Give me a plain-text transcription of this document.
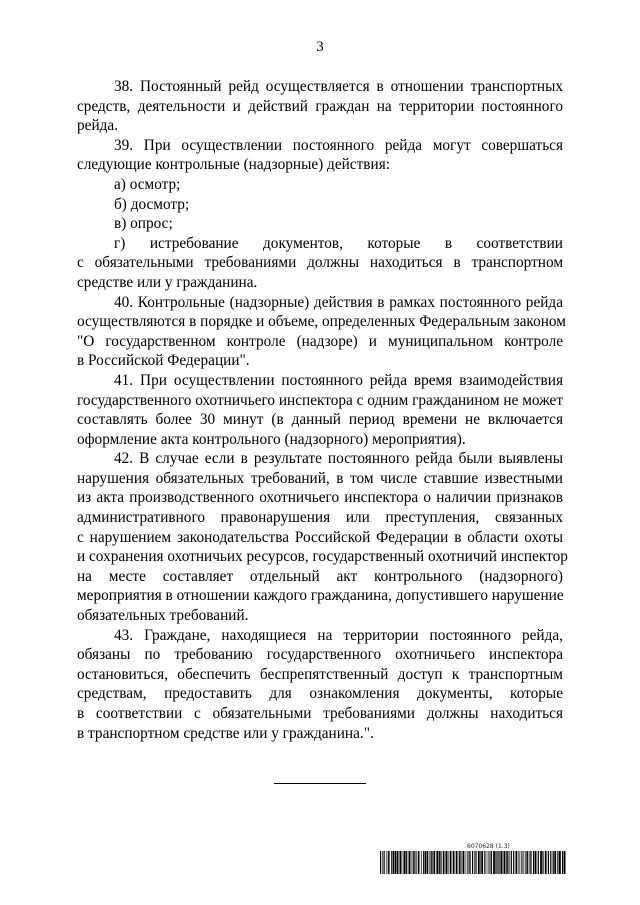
3
38. Постоянный рейд осуществляется в отношении транспортных
средств, деятельности и действий граждан на территории постоянного
рейда.
39. При осуществлении постоянного рейда могут совершаться
следующие контрольные (надзорные) действия:
а) осмотр;
б) досмотр;
в) опрос;
г) истребование документов, которые в соответствии
с обязательными требованиями должны находиться в транспортном
средстве или у гражданина.
40. Контрольные (надзорные) действия в рамках постоянного рейда
осуществляются в порядке и объеме, определенных Федеральным законом
"О государственном контроле (надзоре) и муниципальном контроле
в Российской Федерации".
41. При осуществлении постоянного рейда время взаимодействия
государственного охотничьего инспектора с одним гражданином не может
составлять более 30 минут (в данный период времени не включается
оформление акта контрольного (надзорного) мероприятия).
42. В случае если в результате постоянного рейда были выявлены
нарушения обязательных требований, в том числе ставшие известными
из акта производственного охотничьего инспектора о наличии признаков
административного правонарушения или преступления, связанных
с нарушением законодательства Российской Федерации в области охоты
и сохранения охотничьих ресурсов, государственный охотничий инспектор
на месте составляет отдельный акт контрольного (надзорного)
мероприятия в отношении каждого гражданина, допустившего нарушение
обязательных требований.
43. Граждане, находящиеся на территории постоянного рейда,
обязаны по требованию государственного охотничьего инспектора
остановиться, обеспечить беспрепятственный доступ к транспортным
средствам, предоставить для ознакомления документы, которые
в соответствии с обязательными требованиями должны находиться
в транспортном средстве или у гражданина.".
6070628 (1.3)
